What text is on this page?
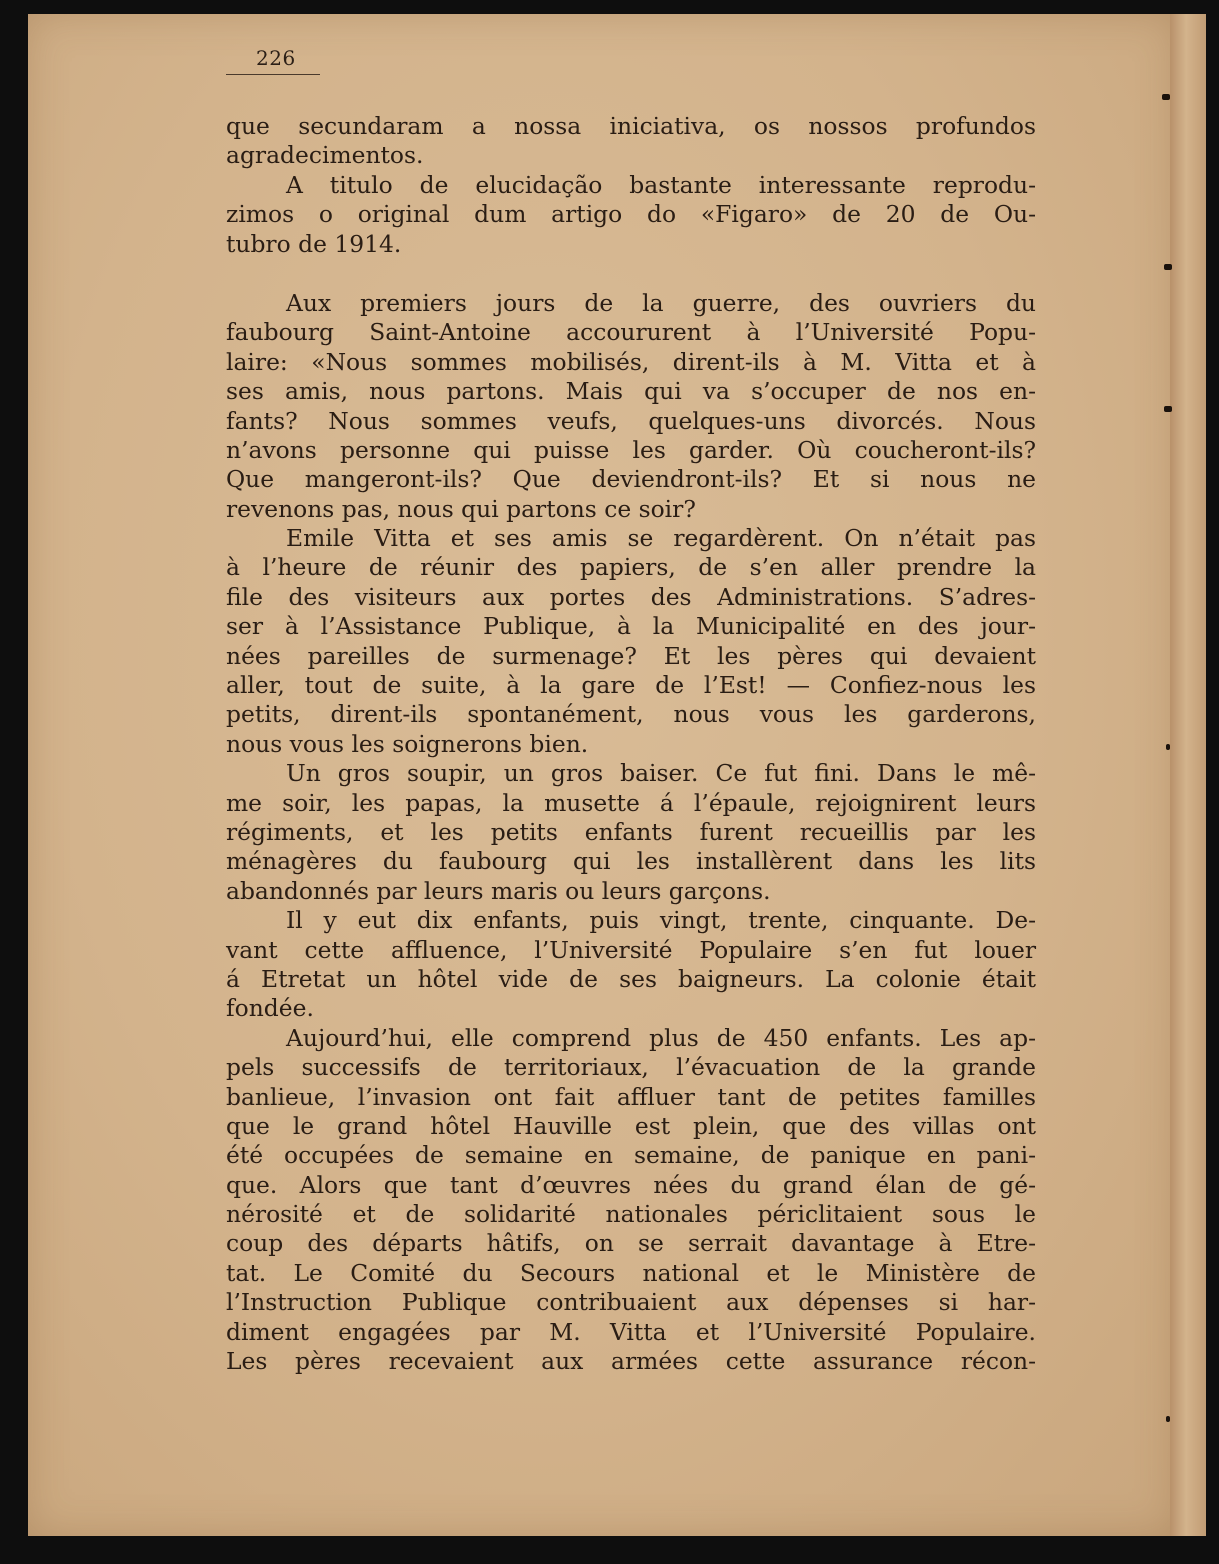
226
que secundaram a nossa iniciativa, os nossos profundos
agradecimentos.
A titulo de elucidação bastante interessante reprodu-
zimos o original dum artigo do «Figaro» de 20 de Ou-
tubro de 1914.
Aux premiers jours de la guerre, des ouvriers du
faubourg Saint-Antoine accoururent à l’Université Popu-
laire: «Nous sommes mobilisés, dirent-ils à M. Vitta et à
ses amis, nous partons. Mais qui va s’occuper de nos en-
fants? Nous sommes veufs, quelques-uns divorcés. Nous
n’avons personne qui puisse les garder. Où coucheront-ils?
Que mangeront-ils? Que deviendront-ils? Et si nous ne
revenons pas, nous qui partons ce soir?
Emile Vitta et ses amis se regardèrent. On n’était pas
à l’heure de réunir des papiers, de s’en aller prendre la
file des visiteurs aux portes des Administrations. S’adres-
ser à l’Assistance Publique, à la Municipalité en des jour-
nées pareilles de surmenage? Et les pères qui devaient
aller, tout de suite, à la gare de l’Est! — Confiez-nous les
petits, dirent-ils spontanément, nous vous les garderons,
nous vous les soignerons bien.
Un gros soupir, un gros baiser. Ce fut fini. Dans le mê-
me soir, les papas, la musette á l’épaule, rejoignirent leurs
régiments, et les petits enfants furent recueillis par les
ménagères du faubourg qui les installèrent dans les lits
abandonnés par leurs maris ou leurs garçons.
Il y eut dix enfants, puis vingt, trente, cinquante. De-
vant cette affluence, l’Université Populaire s’en fut louer
á Etretat un hôtel vide de ses baigneurs. La colonie était
fondée.
Aujourd’hui, elle comprend plus de 450 enfants. Les ap-
pels successifs de territoriaux, l’évacuation de la grande
banlieue, l’invasion ont fait affluer tant de petites familles
que le grand hôtel Hauville est plein, que des villas ont
été occupées de semaine en semaine, de panique en pani-
que. Alors que tant d’œuvres nées du grand élan de gé-
nérosité et de solidarité nationales périclitaient sous le
coup des départs hâtifs, on se serrait davantage à Etre-
tat. Le Comité du Secours national et le Ministère de
l’Instruction Publique contribuaient aux dépenses si har-
diment engagées par M. Vitta et l’Université Populaire.
Les pères recevaient aux armées cette assurance récon-
